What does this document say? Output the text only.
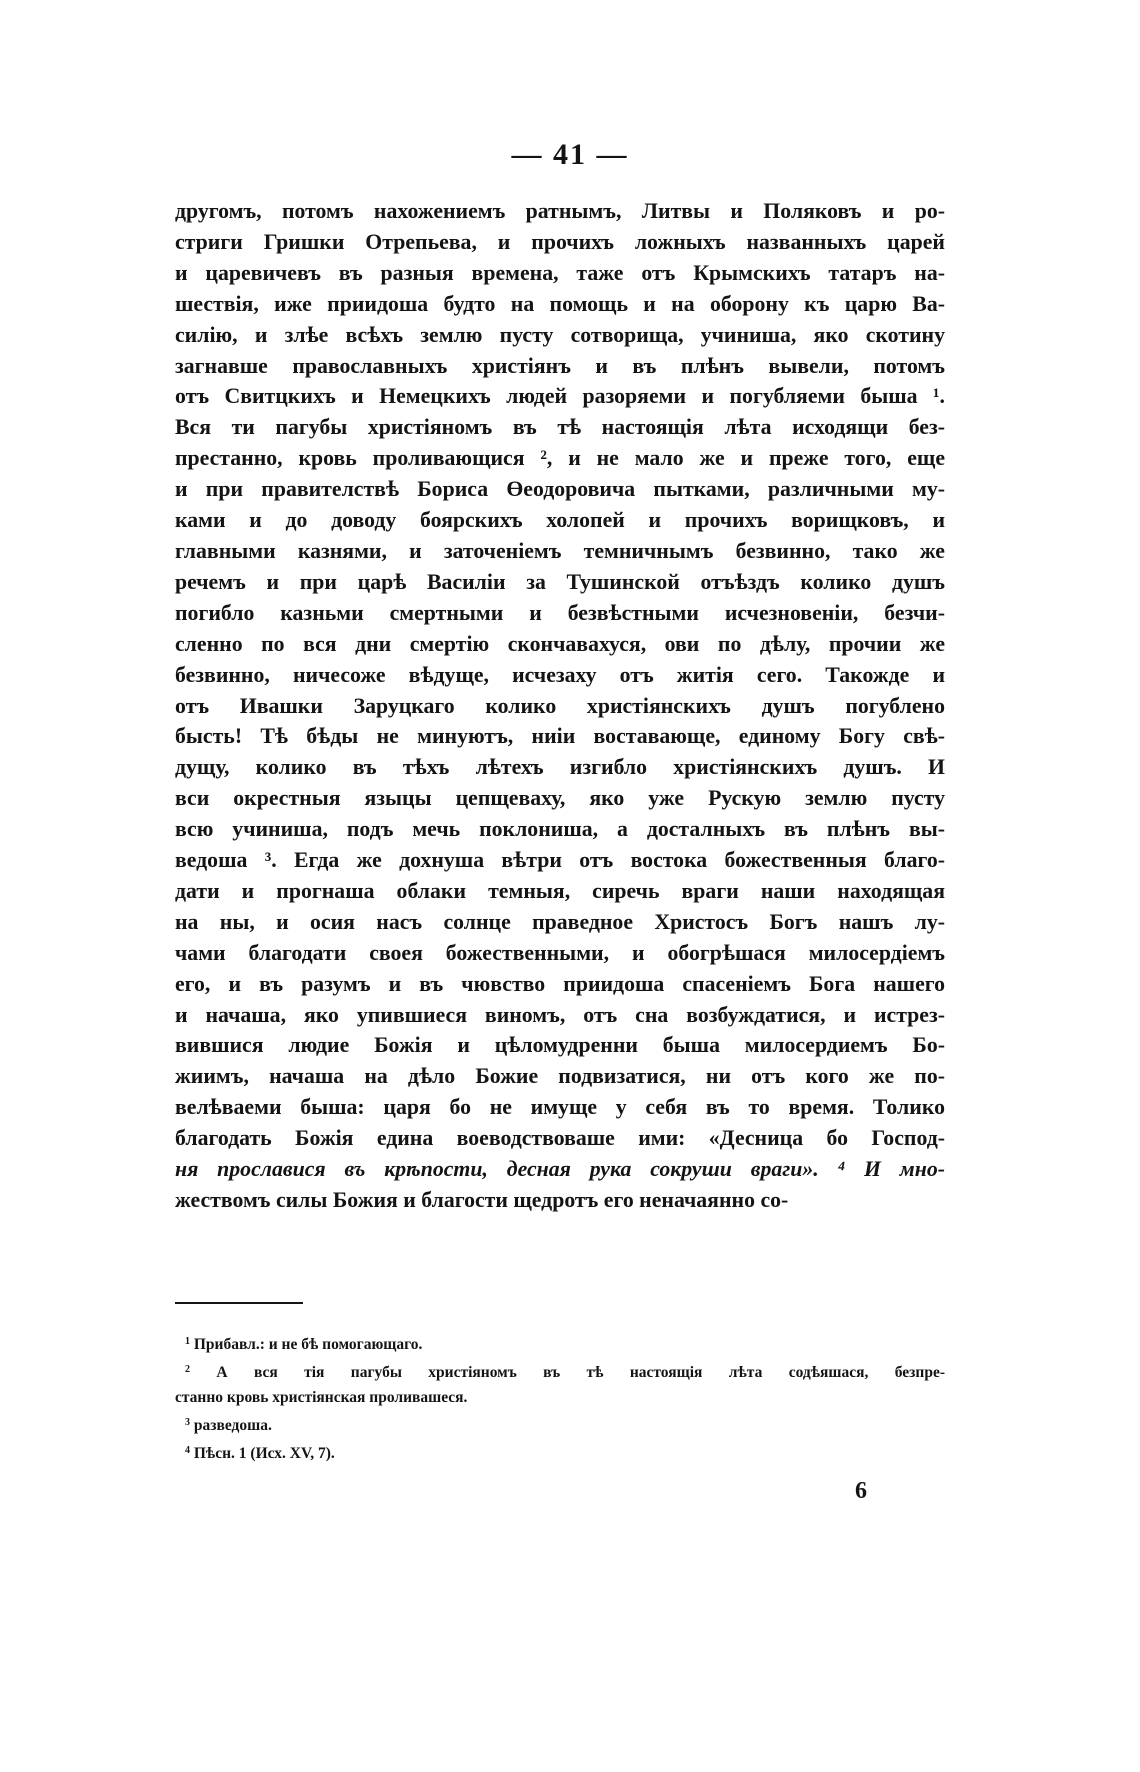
— 41 —
другомъ, потомъ нахожениемъ ратнымъ, Литвы и Поляковъ и ро-
стриги Гришки Отрепьева, и прочихъ ложныхъ названныхъ царей
и царевичевъ въ разныя времена, таже отъ Крымскихъ татаръ на-
шествія, иже приидоша будто на помощь и на оборону къ царю Ва-
силію, и злѣе всѣхъ землю пусту сотворища, учиниша, яко скотину
загнавше православныхъ христіянъ и въ плѣнъ вывели, потомъ
отъ Свитцкихъ и Немецкихъ людей разоряеми и погубляеми быша ¹.
Вся ти пагубы христіяномъ въ тѣ настоящія лѣта исходящи без-
престанно, кровь проливающися ², и не мало же и преже того, еще
и при правителствѣ Бориса Өеодоровича пытками, различными му-
ками и до доводу боярскихъ холопей и прочихъ ворищковъ, и
главными казнями, и заточеніемъ темничнымъ безвинно, тако же
речемъ и при царѣ Василіи за Тушинской отъѣздъ колико душъ
погибло казньми смертными и безвѣстными исчезновеніи, безчи-
сленно по вся дни смертію скончавахуся, ови по дѣлу, прочии же
безвинно, ничесоже вѣдуще, исчезаху отъ житія сего. Такожде и
отъ Ивашки Заруцкаго колико христіянскихъ душъ погублено
бысть! Тѣ бѣды не минуютъ, ниіи воставающе, единому Богу свѣ-
дущу, колико въ тѣхъ лѣтехъ изгибло христіянскихъ душъ. И
вси окрестныя языцы цепщеваху, яко уже Рускую землю пусту
всю учиниша, подъ мечь поклониша, а досталныхъ въ плѣнъ вы-
ведоша ³. Егда же дохнуша вѣтри отъ востока божественныя благо-
дати и прогнаша облаки темныя, сиречь враги наши находящая
на ны, и осия насъ солнце праведное Христосъ Богъ нашъ лу-
чами благодати своея божественными, и обогрѣшася милосердіемъ
его, и въ разумъ и въ чювство приидоша спасеніемъ Бога нашего
и начаша, яко упившиеся виномъ, отъ сна возбуждатися, и истрез-
вившися людие Божія и цѣломудренни быша милосердиемъ Бо-
жиимъ, начаша на дѣло Божие подвизатися, ни отъ кого же по-
велѣваеми быша: царя бо не имуще у себя въ то время. Толико
благодать Божія едина воеводствоваше ими: «Десница бо Господ-
ня прославися въ крѣпости, десная рука сокруши враги». ⁴ И мно-
жествомъ силы Божия и благости щедротъ его неначаянно со-
$^1$ Прибавл.: и не бѣ помогающаго.
$^2$ А вся тія пагубы христіяномъ въ тѣ настоящія лѣта содѣяшася, безпре-
станно кровь христіянская проливашеся.
$^3$ разведоша.
$^4$ Пѣсн. 1 (Исх. XV, 7).
6
